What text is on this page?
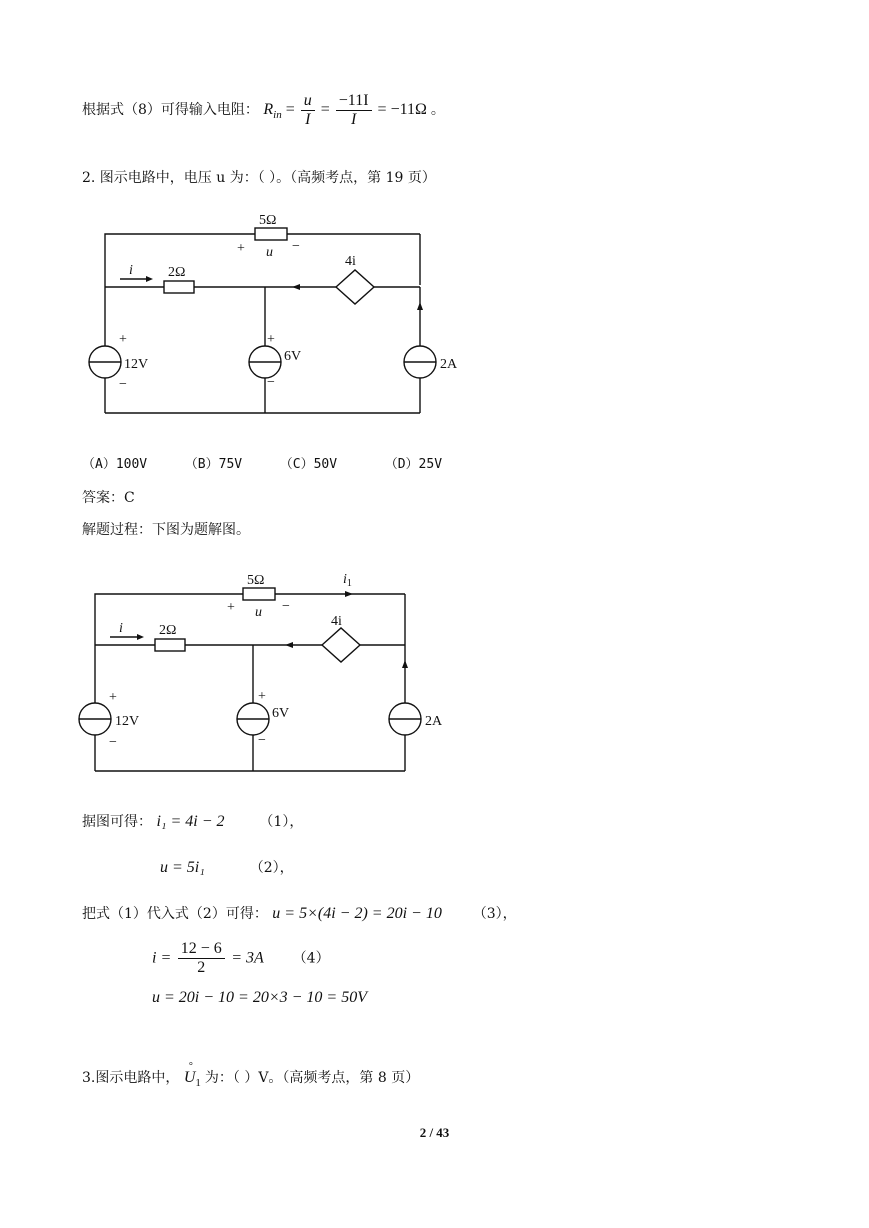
根据式（8）可得输入电阻： $R_{in} = \frac{u}{I} = \frac{-11I}{I} = -11\Omega$ 。
2. 图示电路中，电压 u 为：（ ）。（高频考点，第 19 页）
5Ω
+ u −
i	2Ω
4i
+
12V
−
+
6V
−
2A
（A）100V	（B）75V	（C）50V	（D）25V
答案：C
解题过程：下图为题解图。
5Ω	$i_1$
+ u −
i	2Ω
4i
+
12V
−
+
6V
−
2A
据图可得： i₁ = 4i − 2 （1），
u = 5i₁	（2），
把式（1）代入式（2）可得： u = 5×(4i − 2) = 20i − 10 （3），
$i = \frac{12 - 6}{2} = 3A$ （4）
u = 20i − 10 = 20×3 − 10 = 50V
3.图示电路中，
°
$U_1$ 为：（ ）V。（高频考点，第 8 页）
2 / 43
